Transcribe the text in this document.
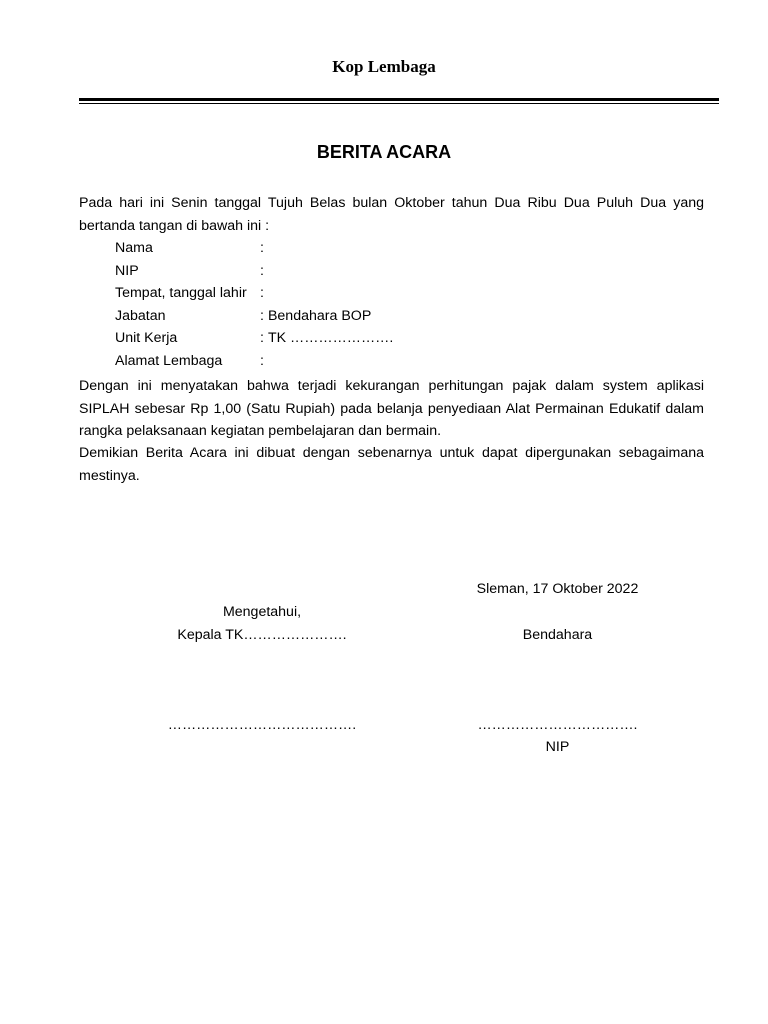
Kop Lembaga
BERITA ACARA
Pada hari ini Senin tanggal Tujuh Belas bulan Oktober tahun Dua Ribu Dua Puluh Dua yang bertanda tangan di bawah ini :
Nama	:
NIP	:
Tempat, tanggal lahir :
Jabatan	: Bendahara BOP
Unit Kerja	: TK ………………….
Alamat Lembaga	:
Dengan ini menyatakan bahwa terjadi kekurangan perhitungan pajak dalam system aplikasi SIPLAH sebesar Rp 1,00 (Satu Rupiah) pada belanja penyediaan Alat Permainan Edukatif dalam rangka pelaksanaan kegiatan pembelajaran dan bermain.
Demikian Berita Acara ini dibuat dengan sebenarnya untuk dapat dipergunakan sebagaimana mestinya.
Sleman, 17 Oktober 2022
Mengetahui,
Kepala TK………………….	Bendahara
………………………………….	…………………………….
NIP
